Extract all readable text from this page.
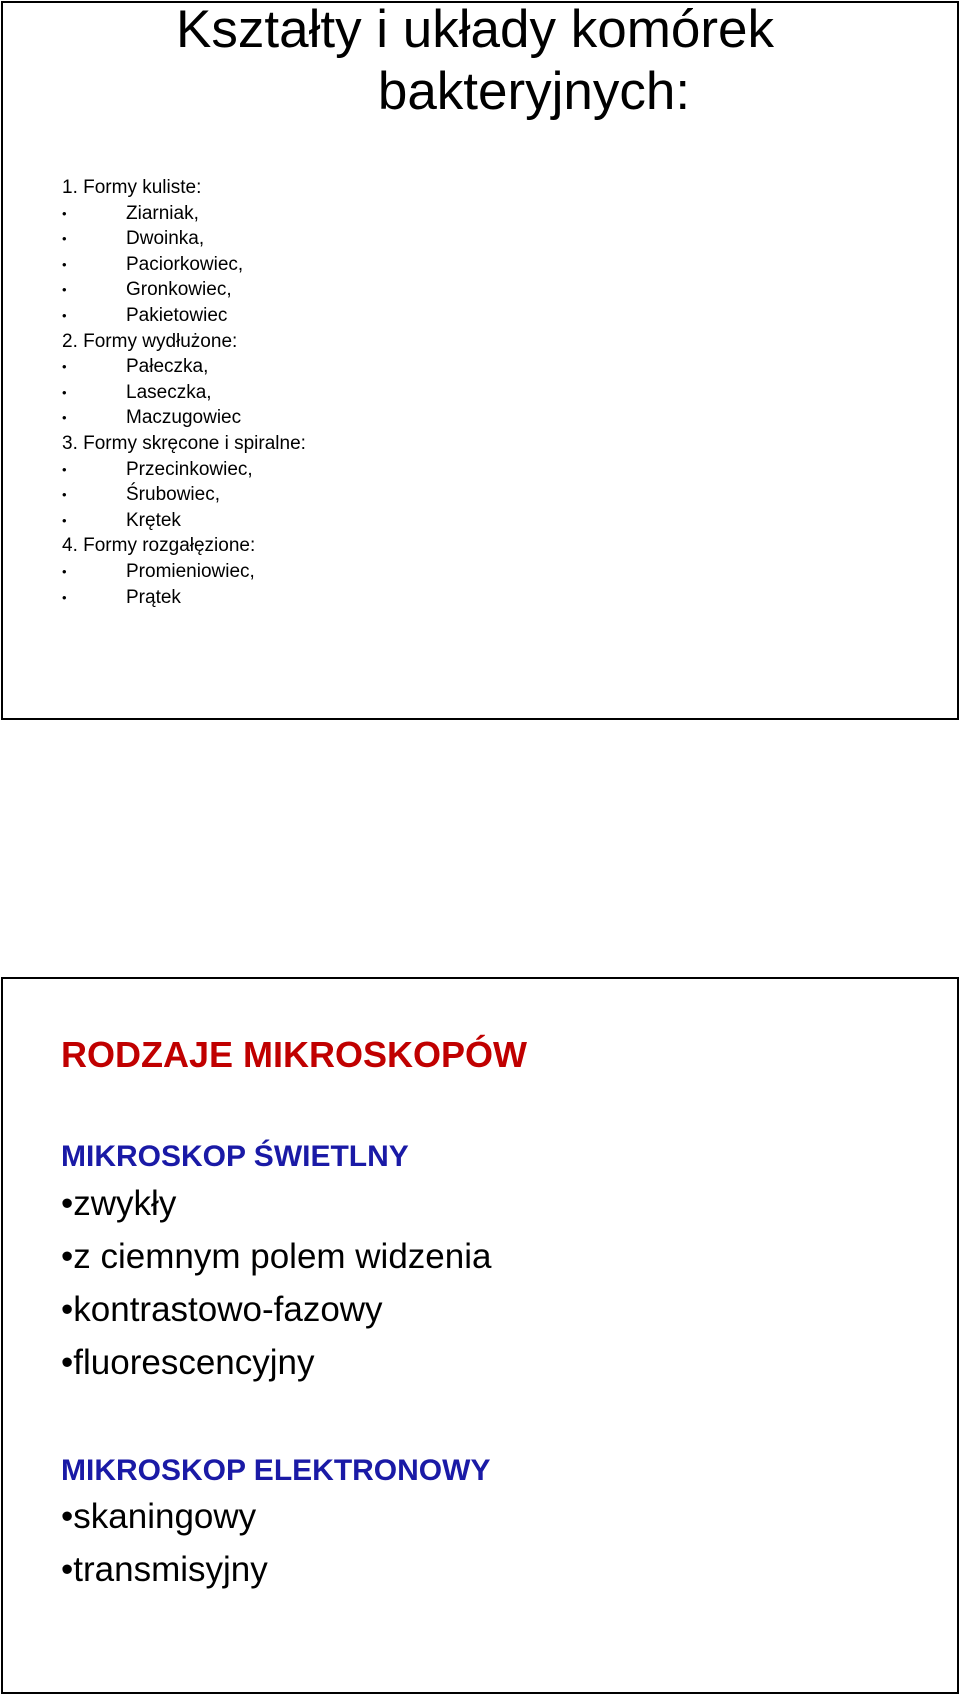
Kształty i układy komórek
bakteryjnych:
1. Formy kuliste:
•	Ziarniak,
•	Dwoinka,
•	Paciorkowiec,
•	Gronkowiec,
•	Pakietowiec
2. Formy wydłużone:
•	Pałeczka,
•	Laseczka,
•	Maczugowiec
3. Formy skręcone i spiralne:
•	Przecinkowiec,
•	Śrubowiec,
•	Krętek
4. Formy rozgałęzione:
•	Promieniowiec,
•	Prątek
RODZAJE MIKROSKOPÓW
MIKROSKOP ŚWIETLNY
•zwykły
•z ciemnym polem widzenia
•kontrastowo-fazowy
•fluorescencyjny
MIKROSKOP ELEKTRONOWY
•skaningowy
•transmisyjny
